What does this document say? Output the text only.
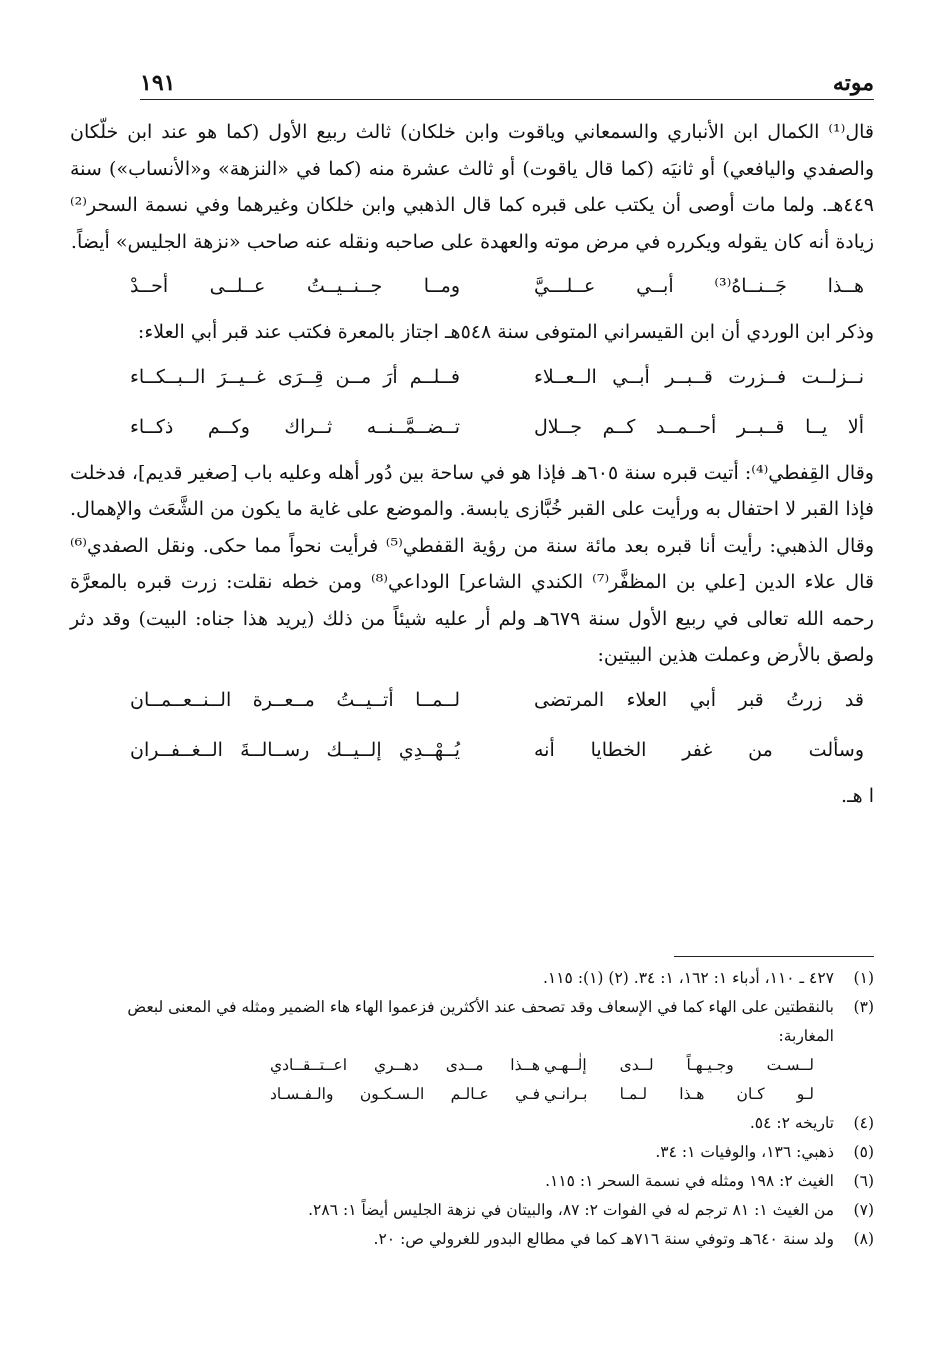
موته
١٩١

قال⁽¹⁾ الكمال ابن الأنباري والسمعاني وياقوت وابن خلكان) ثالث ربيع الأول (كما هو عند ابن خلّكان والصفدي واليافعي) أو ثانيَه (كما قال ياقوت) أو ثالث عشرة منه (كما في «النزهة» و«الأنساب») سنة ٤٤٩هـ. ولما مات أوصى أن يكتب على قبره كما قال الذهبي وابن خلكان وغيرهما وفي نسمة السحر⁽²⁾ زيادة أنه كان يقوله ويكرره في مرض موته والعهدة على صاحبه ونقله عنه صاحب «نزهة الجليس» أيضاً.

هــذا جَــنــاهُ⁽³⁾ أبــي عــلـــيَّ
ومــا جــنــيــتُ عــلــى أحــدْ

وذكر ابن الوردي أن ابن القيسراني المتوفى سنة ٥٤٨هـ اجتاز بالمعرة فكتب عند قبر أبي العلاء:

نــزلــت فــزرت قــبــر أبــي الــعــلاء
فــلــم أرَ مــن قِــرَى غــيــرَ الــبــكــاء
ألا يــا قــبــر أحــمــد كــم جــلال
تــضــمَّــنــه ثــراك وكــم ذكــاء

وقال القِفطي⁽⁴⁾: أتيت قبره سنة ٦٠٥هـ فإذا هو في ساحة بين دُور أهله وعليه باب [صغير قديم]، فدخلت فإذا القبر لا احتفال به ورأيت على القبر خُبَّازى يابسة. والموضع على غاية ما يكون من الشَّعَث والإهمال. وقال الذهبي: رأيت أنا قبره بعد مائة سنة من رؤية القفطي⁽⁵⁾ فرأيت نحواً مما حكى. ونقل الصفدي⁽⁶⁾ قال علاء الدين [علي بن المظفَّر⁽⁷⁾ الكندي الشاعر] الوداعي⁽⁸⁾ ومن خطه نقلت: زرت قبره بالمعرَّة رحمه الله تعالى في ربيع الأول سنة ٦٧٩هـ ولم أر عليه شيئاً من ذلك (يريد هذا جناه: البيت) وقد دثر ولصق بالأرض وعملت هذين البيتين:

قد زرتُ قبر أبي العلاء المرتضى
لــمــا أتــيــتُ مــعــرة الــنــعــمــان
وسألت من غفر الخطايا أنه
يُــهْــدِي إلــيــك رســالــةَ الــغــفــران

ا هـ.

(١)
٤٢٧ ـ ١١٠، أدباء ١: ١٦٢، ١: ٣٤. (٢) (١): ١١٥.
(٣)
بالنقطتين على الهاء كما في الإسعاف وقد تصحف عند الأكثرين فزعموا الهاء هاء الضمير ومثله في المعنى لبعض المغاربة:
لــسـت وجـيـهـاً لــدى إلٰــهـي
هــذا مــدى دهــري اعــتــقــادي
لـو كـان هـذا لـمـا بـرانـي
فـي عـالـم الـسـكـون والـفـسـاد
(٤)
تاريخه ٢: ٥٤.
(٥)
ذهبي: ١٣٦، والوفيات ١: ٣٤.
(٦)
الغيث ٢: ١٩٨ ومثله في نسمة السحر ١: ١١٥.
(٧)
من الغيث ١: ٨١ ترجم له في الفوات ٢: ٨٧، والبيتان في نزهة الجليس أيضاً ١: ٢٨٦.
(٨)
ولد سنة ٦٤٠هـ وتوفي سنة ٧١٦هـ كما في مطالع البدور للغرولي ص: ٢٠.
